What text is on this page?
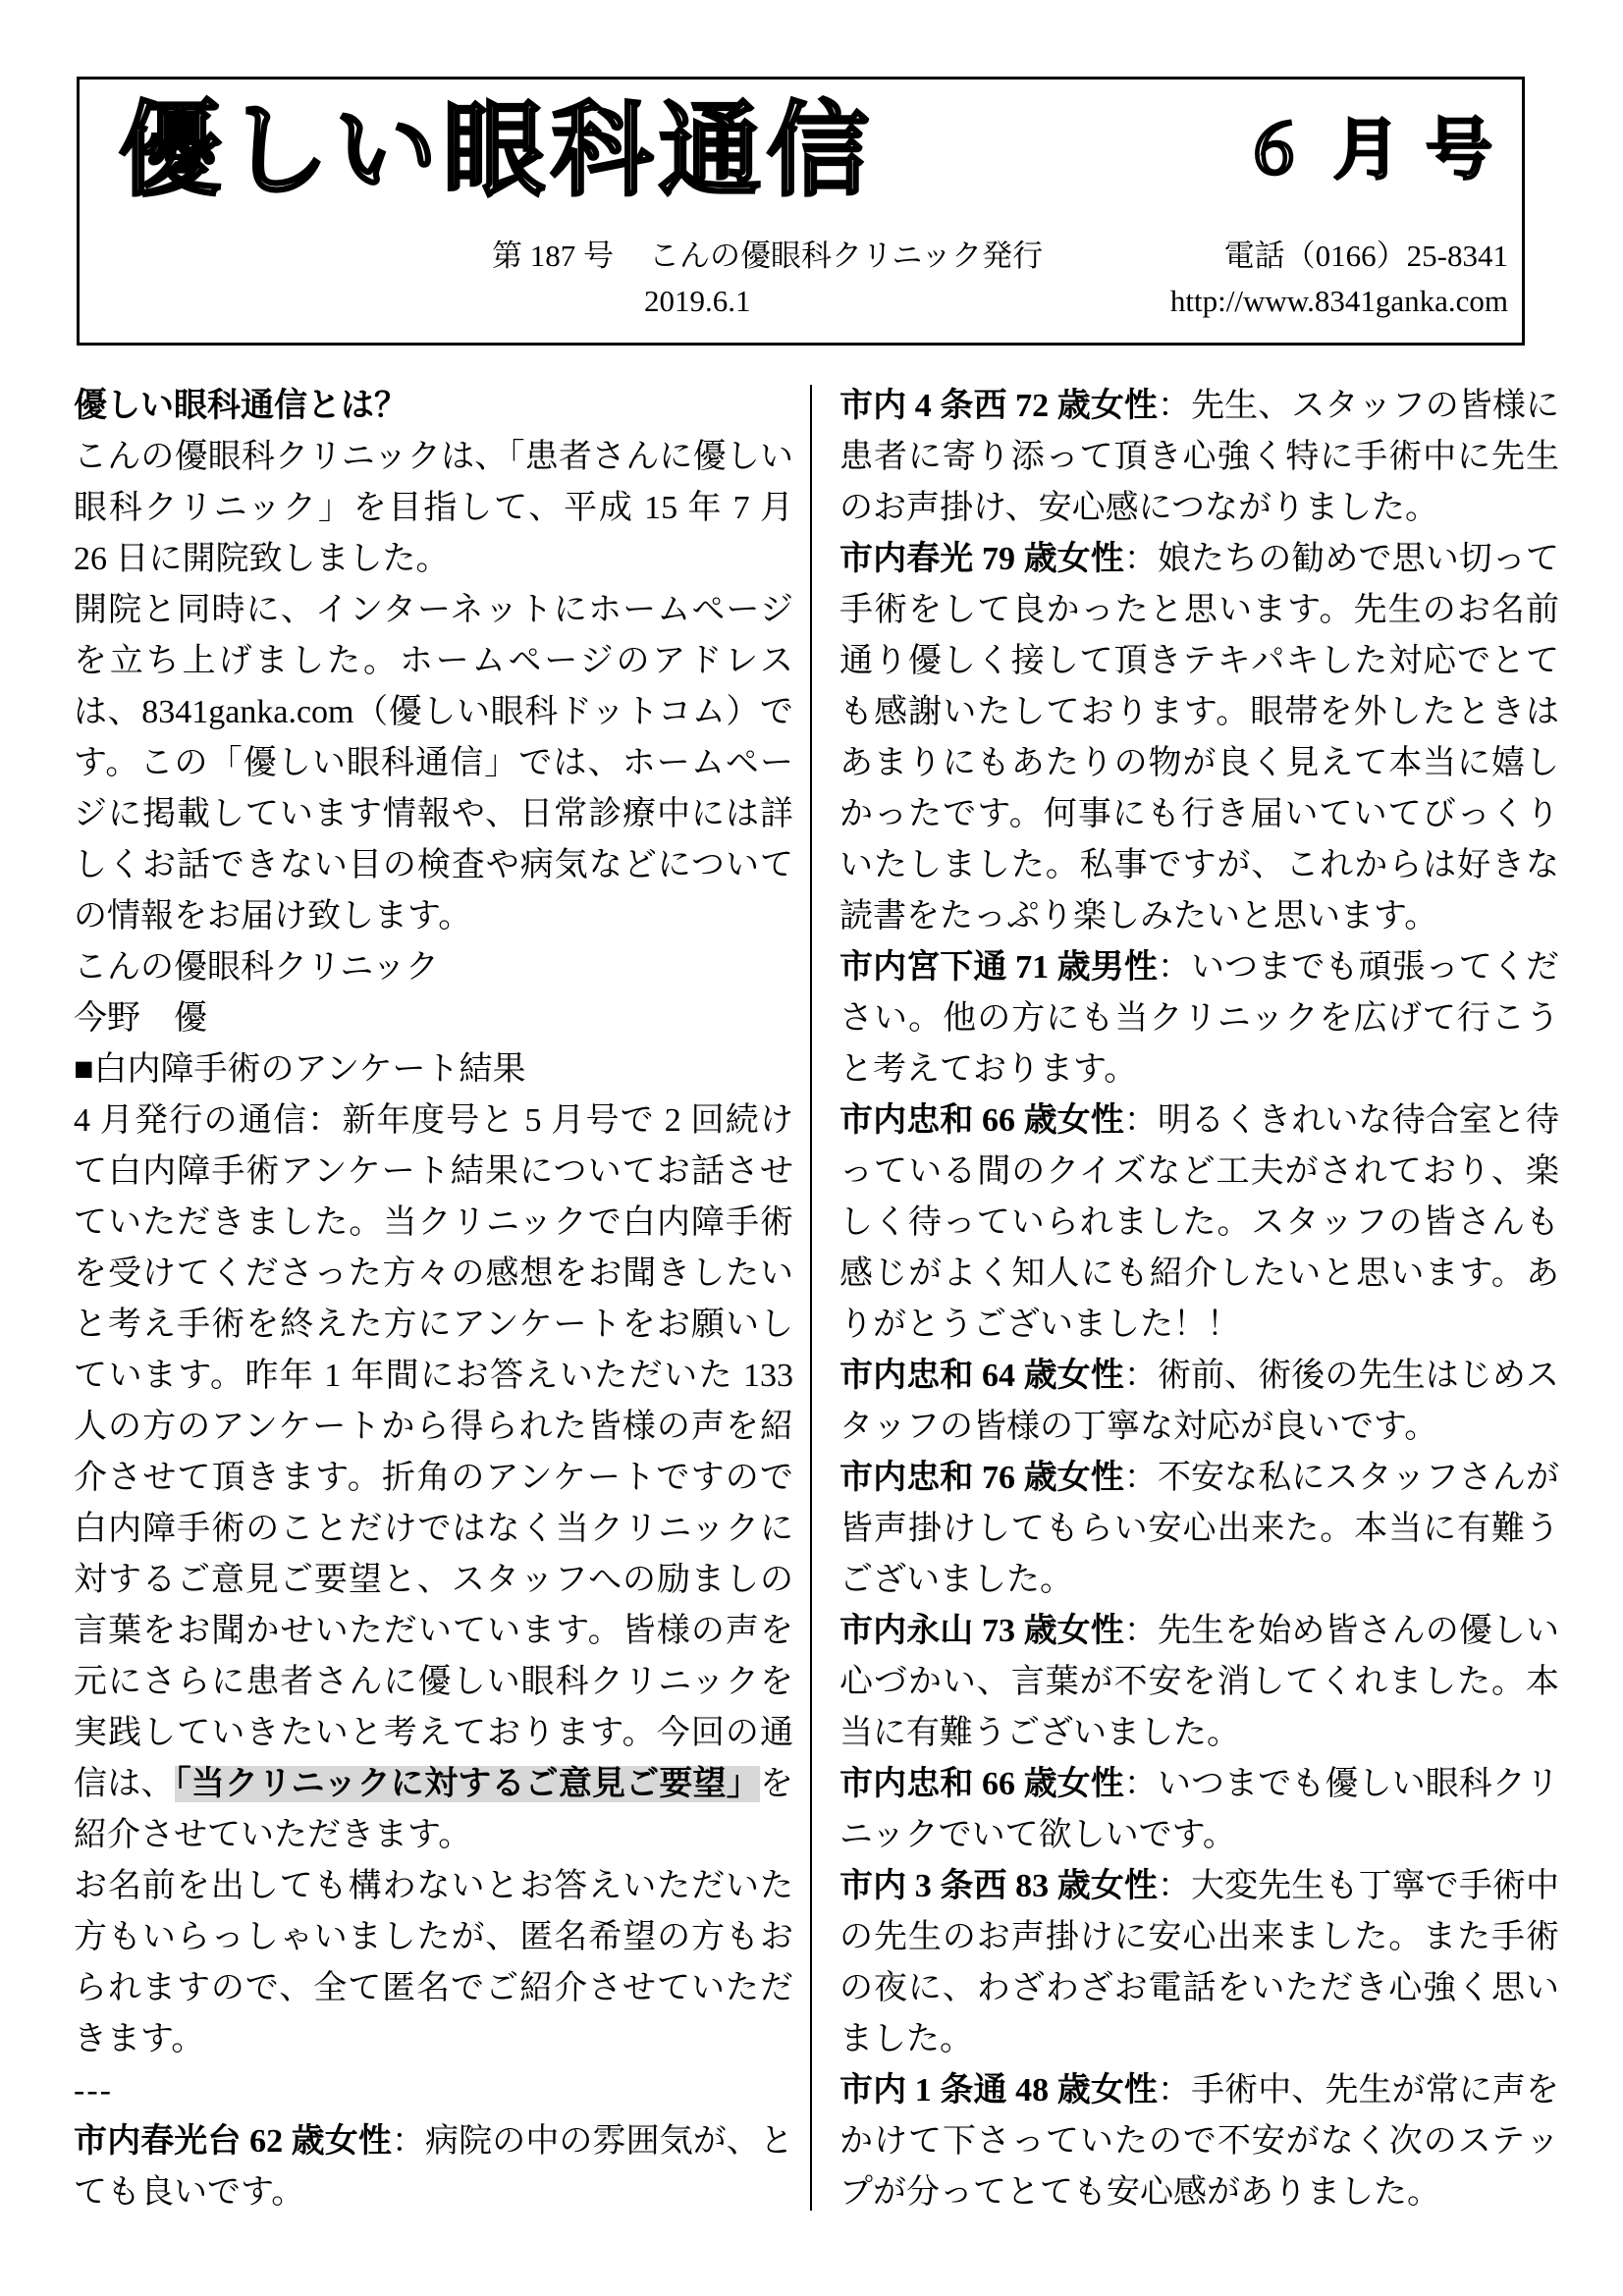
優しい眼科通信	６月号
第 187 号 こんの優眼科クリニック発行	電話（0166）25-8341
2019.6.1	http://www.8341ganka.com
優しい眼科通信とは？

こんの優眼科クリニックは、「患者さんに優しい眼科クリニック」を目指して、平成 15 年 7 月 26 日に開院致しました。

開院と同時に、インターネットにホームページを立ち上げました。ホームページのアドレスは、8341ganka.com（優しい眼科ドットコム）です。この「優しい眼科通信」では、ホームページに掲載しています情報や、日常診療中には詳しくお話できない目の検査や病気などについての情報をお届け致します。

こんの優眼科クリニック

今野　優

■白内障手術のアンケート結果

4 月発行の通信：新年度号と 5 月号で 2 回続けて白内障手術アンケート結果についてお話させていただきました。当クリニックで白内障手術を受けてくださった方々の感想をお聞きしたいと考え手術を終えた方にアンケートをお願いしています。昨年 1 年間にお答えいただいた 133 人の方のアンケートから得られた皆様の声を紹介させて頂きます。折角のアンケートですので白内障手術のことだけではなく当クリニックに対するご意見ご要望と、スタッフへの励ましの言葉をお聞かせいただいています。皆様の声を元にさらに患者さんに優しい眼科クリニックを実践していきたいと考えております。今回の通信は、「当クリニックに対するご意見ご要望」を紹介させていただきます。

お名前を出しても構わないとお答えいただいた方もいらっしゃいましたが、匿名希望の方もおられますので、全て匿名でご紹介させていただきます。

---

市内春光台 62 歳女性：病院の中の雰囲気が、とても良いです。

市内 4 条西 72 歳女性：先生、スタッフの皆様に患者に寄り添って頂き心強く特に手術中に先生のお声掛け、安心感につながりました。

市内春光 79 歳女性：娘たちの勧めで思い切って手術をして良かったと思います。先生のお名前通り優しく接して頂きテキパキした対応でとても感謝いたしております。眼帯を外したときはあまりにもあたりの物が良く見えて本当に嬉しかったです。何事にも行き届いていてびっくりいたしました。私事ですが、これからは好きな読書をたっぷり楽しみたいと思います。

市内宮下通 71 歳男性：いつまでも頑張ってください。他の方にも当クリニックを広げて行こうと考えております。

市内忠和 66 歳女性：明るくきれいな待合室と待っている間のクイズなど工夫がされており、楽しく待っていられました。スタッフの皆さんも感じがよく知人にも紹介したいと思います。ありがとうございました！！

市内忠和 64 歳女性：術前、術後の先生はじめスタッフの皆様の丁寧な対応が良いです。

市内忠和 76 歳女性：不安な私にスタッフさんが皆声掛けしてもらい安心出来た。本当に有難うございました。

市内永山 73 歳女性：先生を始め皆さんの優しい心づかい、言葉が不安を消してくれました。本当に有難うございました。

市内忠和 66 歳女性：いつまでも優しい眼科クリニックでいて欲しいです。

市内 3 条西 83 歳女性：大変先生も丁寧で手術中の先生のお声掛けに安心出来ました。また手術の夜に、わざわざお電話をいただき心強く思いました。

市内 1 条通 48 歳女性：手術中、先生が常に声をかけて下さっていたので不安がなく次のステップが分ってとても安心感がありました。
